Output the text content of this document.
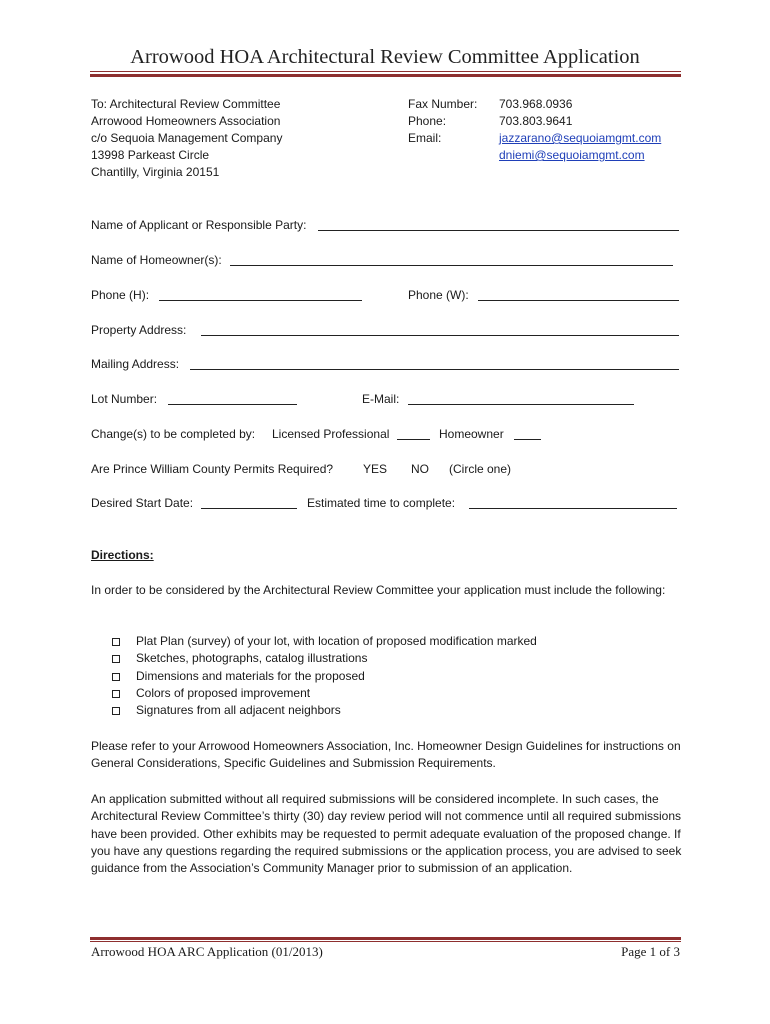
Arrowood HOA Architectural Review Committee Application
To: Architectural Review Committee
Arrowood Homeowners Association
c/o Sequoia Management Company
13998 Parkeast Circle
Chantilly, Virginia 20151
Fax Number: 703.968.0936
Phone:	703.803.9641
Email:	jazzarano@sequoiamgmt.com
dniemi@sequoiamgmt.com
Name of Applicant or Responsible Party:
Name of Homeowner(s):
Phone (H):	Phone (W):
Property Address:
Mailing Address:
Lot Number:	E-Mail:
Change(s) to be completed by: Licensed Professional	Homeowner
Are Prince William County Permits Required? YES NO (Circle one)
Desired Start Date:	Estimated time to complete:
Directions:
In order to be considered by the Architectural Review Committee your application must include the following:
Plat Plan (survey) of your lot, with location of proposed modification marked
Sketches, photographs, catalog illustrations
Dimensions and materials for the proposed
Colors of proposed improvement
Signatures from all adjacent neighbors
Please refer to your Arrowood Homeowners Association, Inc. Homeowner Design Guidelines for instructions on General Considerations, Specific Guidelines and Submission Requirements.
An application submitted without all required submissions will be considered incomplete. In such cases, the Architectural Review Committee’s thirty (30) day review period will not commence until all required submissions have been provided. Other exhibits may be requested to permit adequate evaluation of the proposed change. If you have any questions regarding the required submissions or the application process, you are advised to seek guidance from the Association’s Community Manager prior to submission of an application.
Arrowood HOA ARC Application (01/2013)	Page 1 of 3
